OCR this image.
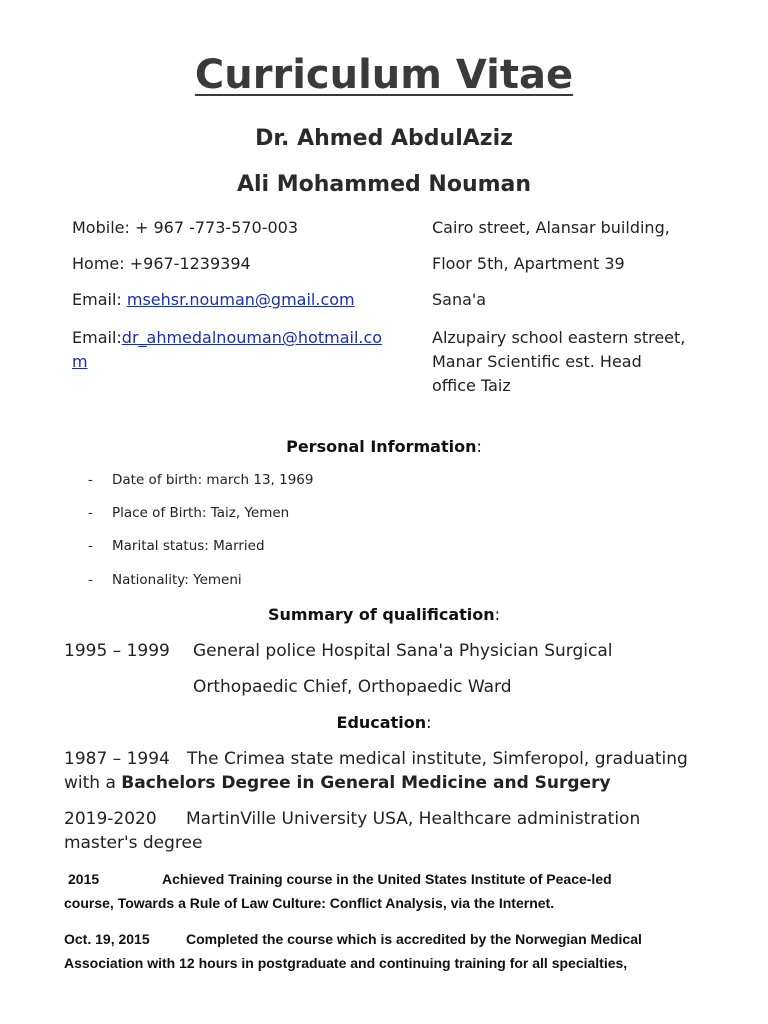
Curriculum Vitae
Dr. Ahmed AbdulAziz
Ali Mohammed Nouman
Mobile: + 967 -773-570-003
Home: +967-1239394
Email: msehsr.nouman@gmail.com
Email:dr_ahmedalnouman@hotmail.co
m
Cairo street, Alansar building,
Floor 5th, Apartment 39
Sana'a
Alzupairy school eastern street,
Manar Scientific est. Head
office Taiz
Personal Information:
- Date of birth: march 13, 1969
- Place of Birth: Taiz, Yemen
- Marital status: Married
- Nationality: Yemeni
Summary of qualification:
1995 – 1999 General police Hospital Sana'a Physician Surgical
Orthopaedic Chief, Orthopaedic Ward
Education:
1987 – 1994 The Crimea state medical institute, Simferopol, graduating
with a Bachelors Degree in General Medicine and Surgery
2019-2020 MartinVille University USA, Healthcare administration
master's degree
2015	Achieved Training course in the United States Institute of Peace-led
course, Towards a Rule of Law Culture: Conflict Analysis, via the Internet.
Oct. 19, 2015	Completed the course which is accredited by the Norwegian Medical
Association with 12 hours in postgraduate and continuing training for all specialties,
